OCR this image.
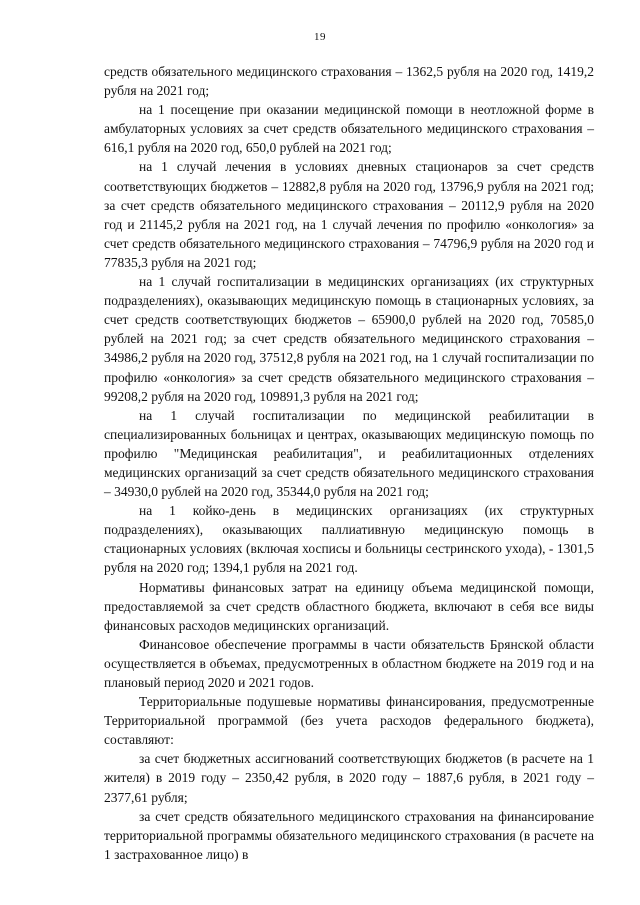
19

средств обязательного медицинского страхования – 1362,5 рубля на 2020 год, 1419,2 рубля на 2021 год;

на 1 посещение при оказании медицинской помощи в неотложной форме в амбулаторных условиях за счет средств обязательного медицинского страхования – 616,1 рубля на 2020 год, 650,0 рублей на 2021 год;

на 1 случай лечения в условиях дневных стационаров за счет средств соответствующих бюджетов – 12882,8 рубля на 2020 год, 13796,9 рубля на 2021 год; за счет средств обязательного медицинского страхования – 20112,9 рубля на 2020 год и 21145,2 рубля на 2021 год, на 1 случай лечения по профилю «онкология» за счет средств обязательного медицинского страхования – 74796,9 рубля на 2020 год и 77835,3 рубля на 2021 год;

на 1 случай госпитализации в медицинских организациях (их структурных подразделениях), оказывающих медицинскую помощь в стационарных условиях, за счет средств соответствующих бюджетов – 65900,0 рублей на 2020 год, 70585,0 рублей на 2021 год; за счет средств обязательного медицинского страхования – 34986,2 рубля на 2020 год, 37512,8 рубля на 2021 год, на 1 случай госпитализации по профилю «онкология» за счет средств обязательного медицинского страхования – 99208,2 рубля на 2020 год, 109891,3 рубля на 2021 год;

на 1 случай госпитализации по медицинской реабилитации в специализированных больницах и центрах, оказывающих медицинскую помощь по профилю "Медицинская реабилитация", и реабилитационных отделениях медицинских организаций за счет средств обязательного медицинского страхования – 34930,0 рублей на 2020 год, 35344,0 рубля на 2021 год;

на 1 койко-день в медицинских организациях (их структурных подразделениях), оказывающих паллиативную медицинскую помощь в стационарных условиях (включая хосписы и больницы сестринского ухода), - 1301,5 рубля на 2020 год; 1394,1 рубля на 2021 год.

Нормативы финансовых затрат на единицу объема медицинской помощи, предоставляемой за счет средств областного бюджета, включают в себя все виды финансовых расходов медицинских организаций.

Финансовое обеспечение программы в части обязательств Брянской области осуществляется в объемах, предусмотренных в областном бюджете на 2019 год и на плановый период 2020 и 2021 годов.

Территориальные подушевые нормативы финансирования, предусмотренные Территориальной программой (без учета расходов федерального бюджета), составляют:

за счет бюджетных ассигнований соответствующих бюджетов (в расчете на 1 жителя) в 2019 году – 2350,42 рубля, в 2020 году – 1887,6 рубля, в 2021 году – 2377,61 рубля;

за счет средств обязательного медицинского страхования на финансирование территориальной программы обязательного медицинского страхования (в расчете на 1 застрахованное лицо) в
